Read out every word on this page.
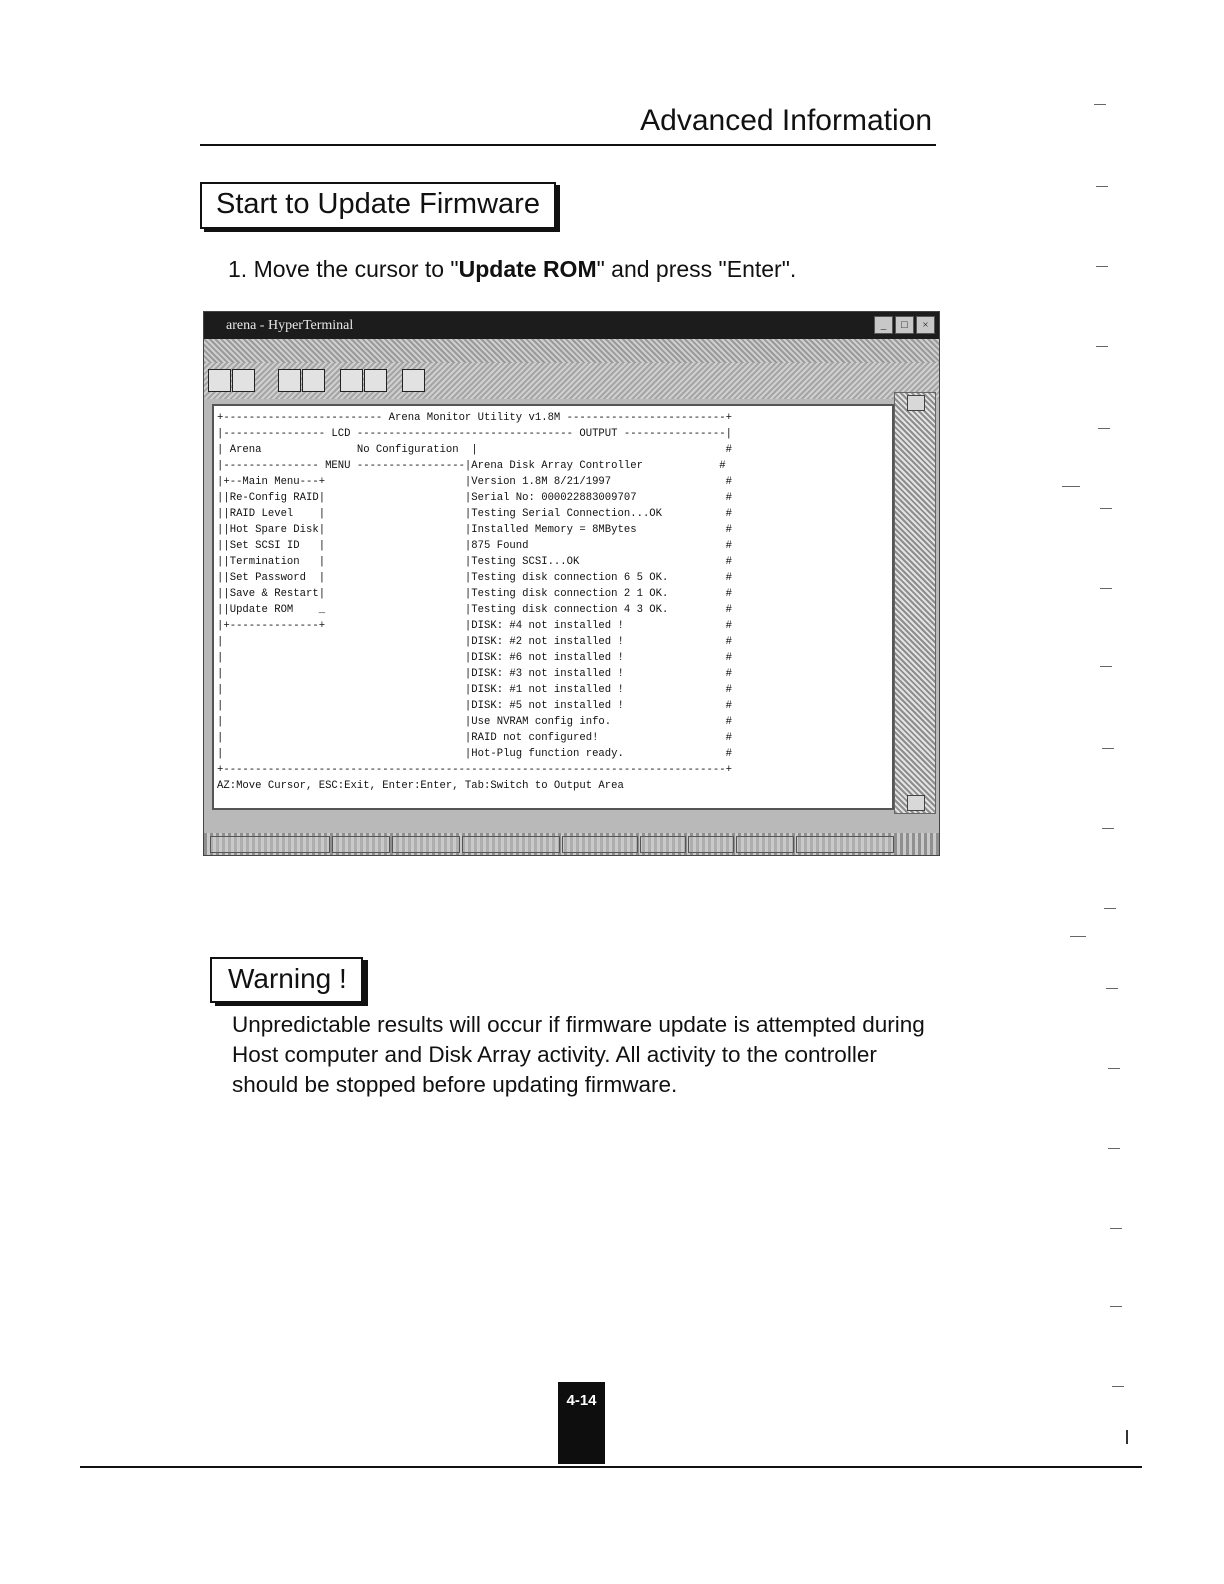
Advanced Information
Start to Update Firmware
1. Move the cursor to "Update ROM" and press "Enter".
arena - HyperTerminal	_	□	×
+------------------------- Arena Monitor Utility v1.8M -------------------------+
|---------------- LCD ---------------------------------- OUTPUT ----------------|
| Arena               No Configuration  |                                       #
|--------------- MENU -----------------|Arena Disk Array Controller            #
|+--Main Menu---+                      |Version 1.8M 8/21/1997                  #
||Re-Config RAID|                      |Serial No: 000022883009707              #
||RAID Level    |                      |Testing Serial Connection...OK          #
||Hot Spare Disk|                      |Installed Memory = 8MBytes              #
||Set SCSI ID   |                      |875 Found                               #
||Termination   |                      |Testing SCSI...OK                       #
||Set Password  |                      |Testing disk connection 6 5 OK.         #
||Save & Restart|                      |Testing disk connection 2 1 OK.         #
||Update ROM    _                      |Testing disk connection 4 3 OK.         #
|+--------------+                      |DISK: #4 not installed !                #
|                                      |DISK: #2 not installed !                #
|                                      |DISK: #6 not installed !                #
|                                      |DISK: #3 not installed !                #
|                                      |DISK: #1 not installed !                #
|                                      |DISK: #5 not installed !                #
|                                      |Use NVRAM config info.                  #
|                                      |RAID not configured!                    #
|                                      |Hot-Plug function ready.                #
+-------------------------------------------------------------------------------+
AZ:Move Cursor, ESC:Exit, Enter:Enter, Tab:Switch to Output Area
Warning !
Unpredictable results will occur if firmware update is attempted during Host computer and Disk Array activity. All activity to the controller should be stopped before updating firmware.
4-14
